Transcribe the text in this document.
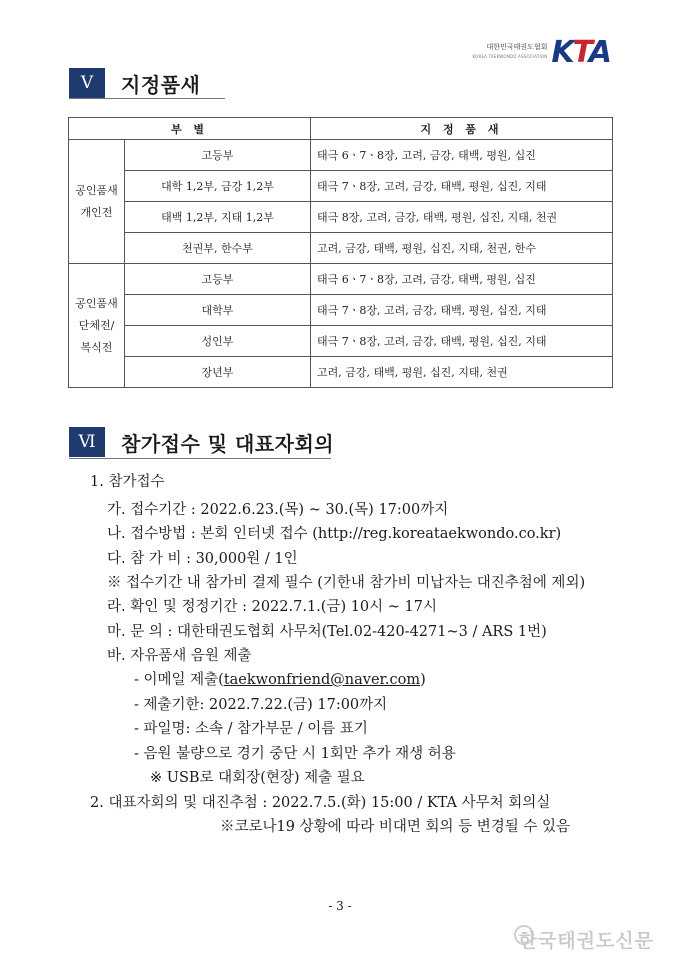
대한민국태권도협회
KOREA TAEKWONDO ASSOCIATION KTA
Ⅴ	지정품새
부 별		지 정 품 새
공인품새
개인전	고등부	태극 6ㆍ7ㆍ8장, 고려, 금강, 태백, 평원, 십진
	대학 1,2부, 금강 1,2부	태극 7ㆍ8장, 고려, 금강, 태백, 평원, 십진, 지태
	태백 1,2부, 지태 1,2부	태극 8장, 고려, 금강, 태백, 평원, 십진, 지태, 천권
	천권부, 한수부	고려, 금강, 태백, 평원, 십진, 지태, 천권, 한수
공인품새
단체전/
복식전	고등부	태극 6ㆍ7ㆍ8장, 고려, 금강, 태백, 평원, 십진
	대학부	태극 7ㆍ8장, 고려, 금강, 태백, 평원, 십진, 지태
	성인부	태극 7ㆍ8장, 고려, 금강, 태백, 평원, 십진, 지태
	장년부	고려, 금강, 태백, 평원, 십진, 지태, 천권
Ⅵ	참가접수 및 대표자회의
1. 참가접수
가. 접수기간 : 2022.6.23.(목) ~ 30.(목) 17:00까지
나. 접수방법 : 본회 인터넷 접수 (http://reg.koreataekwondo.co.kr)
다. 참 가 비 : 30,000원 / 1인
※ 접수기간 내 참가비 결제 필수 (기한내 참가비 미납자는 대진추첨에 제외)
라. 확인 및 정정기간 : 2022.7.1.(금) 10시 ~ 17시
마. 문 의 : 대한태권도협회 사무처(Tel.02-420-4271~3 / ARS 1번)
바. 자유품새 음원 제출
- 이메일 제출(taekwonfriend@naver.com)
- 제출기한: 2022.7.22.(금) 17:00까지
- 파일명: 소속 / 참가부문 / 이름 표기
- 음원 불량으로 경기 중단 시 1회만 추가 재생 허용
※ USB로 대회장(현장) 제출 필요
2. 대표자회의 및 대진추첨 : 2022.7.5.(화) 15:00 / KTA 사무처 회의실
※코로나19 상황에 따라 비대면 회의 등 변경될 수 있음
- 3 -
한국태권도신문
